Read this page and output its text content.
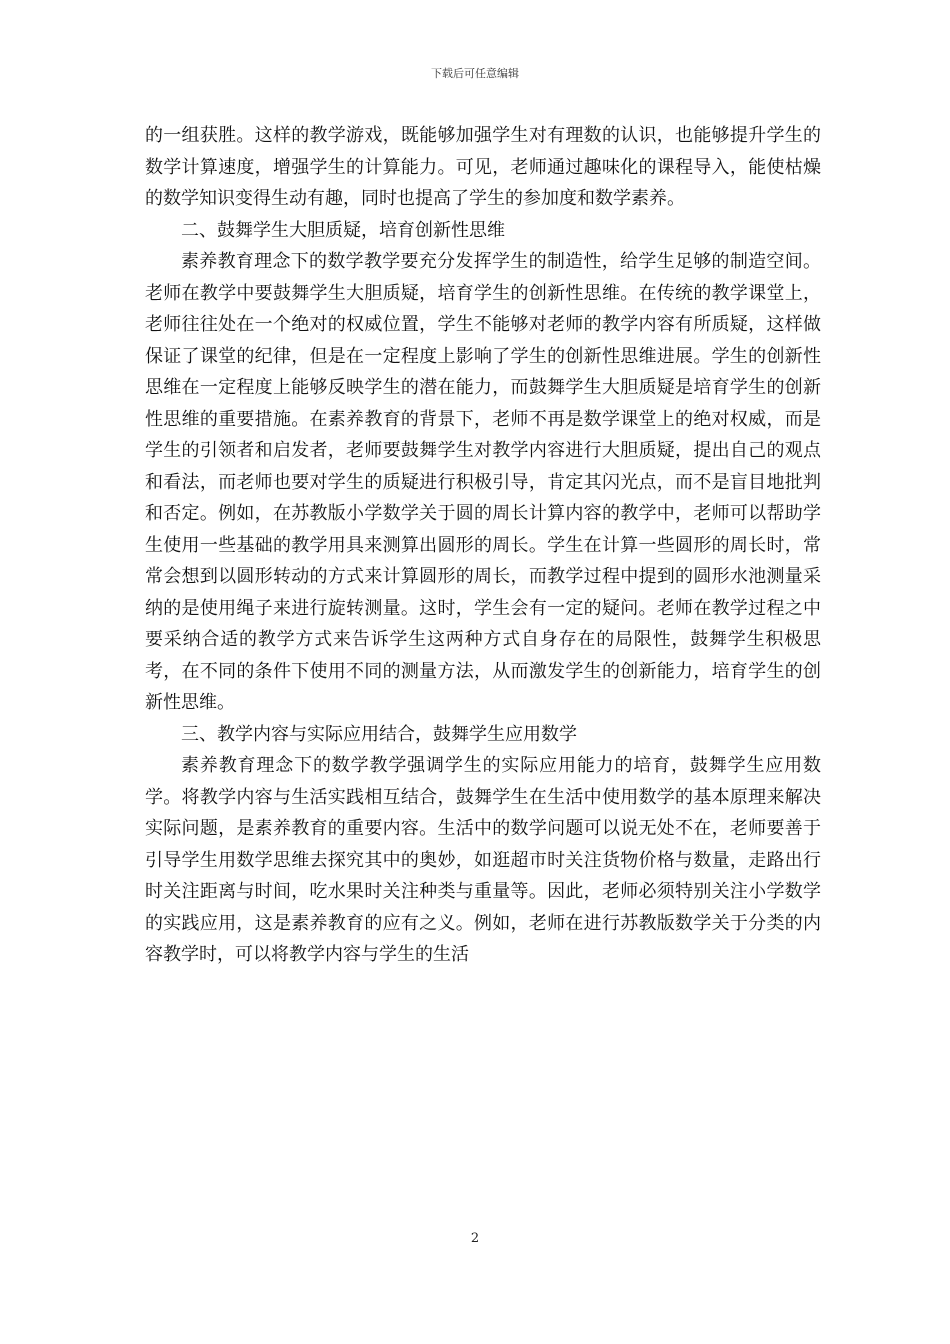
下载后可任意编辑

的一组获胜。这样的教学游戏，既能够加强学生对有理数的认识，也能够提升学生的数学计算速度，增强学生的计算能力。可见，老师通过趣味化的课程导入，能使枯燥的数学知识变得生动有趣，同时也提高了学生的参加度和数学素养。

二、鼓舞学生大胆质疑，培育创新性思维

素养教育理念下的数学教学要充分发挥学生的制造性，给学生足够的制造空间。老师在教学中要鼓舞学生大胆质疑，培育学生的创新性思维。在传统的教学课堂上，老师往往处在一个绝对的权威位置，学生不能够对老师的教学内容有所质疑，这样做保证了课堂的纪律，但是在一定程度上影响了学生的创新性思维进展。学生的创新性思维在一定程度上能够反映学生的潜在能力，而鼓舞学生大胆质疑是培育学生的创新性思维的重要措施。在素养教育的背景下，老师不再是数学课堂上的绝对权威，而是学生的引领者和启发者，老师要鼓舞学生对教学内容进行大胆质疑，提出自己的观点和看法，而老师也要对学生的质疑进行积极引导，肯定其闪光点，而不是盲目地批判和否定。例如，在苏教版小学数学关于圆的周长计算内容的教学中，老师可以帮助学生使用一些基础的教学用具来测算出圆形的周长。学生在计算一些圆形的周长时，常常会想到以圆形转动的方式来计算圆形的周长，而教学过程中提到的圆形水池测量采纳的是使用绳子来进行旋转测量。这时，学生会有一定的疑问。老师在教学过程之中要采纳合适的教学方式来告诉学生这两种方式自身存在的局限性，鼓舞学生积极思考，在不同的条件下使用不同的测量方法，从而激发学生的创新能力，培育学生的创新性思维。

三、教学内容与实际应用结合，鼓舞学生应用数学

素养教育理念下的数学教学强调学生的实际应用能力的培育，鼓舞学生应用数学。将教学内容与生活实践相互结合，鼓舞学生在生活中使用数学的基本原理来解决实际问题，是素养教育的重要内容。生活中的数学问题可以说无处不在，老师要善于引导学生用数学思维去探究其中的奥妙，如逛超市时关注货物价格与数量，走路出行时关注距离与时间，吃水果时关注种类与重量等。因此，老师必须特别关注小学数学的实践应用，这是素养教育的应有之义。例如，老师在进行苏教版数学关于分类的内容教学时，可以将教学内容与学生的生活

2
